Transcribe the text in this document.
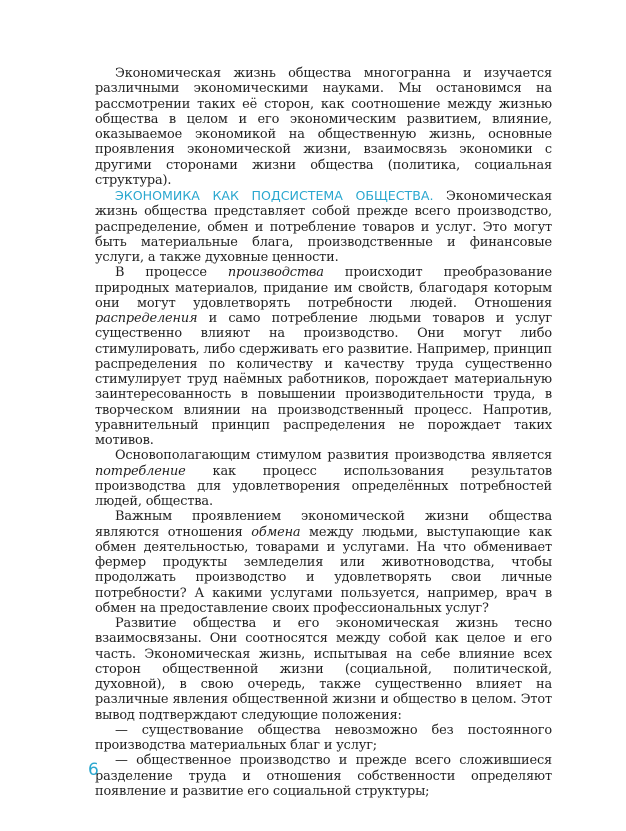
Экономическая жизнь общества многогранна и изучается различными экономическими науками. Мы остановимся на рассмотрении таких её сторон, как соотношение между жизнью общества в целом и его экономическим развитием, влияние, оказываемое экономикой на общественную жизнь, основные проявления экономической жизни, взаимосвязь экономики с другими сторонами жизни общества (политика, социальная структура).

ЭКОНОМИКА КАК ПОДСИСТЕМА ОБЩЕСТВА. Экономическая жизнь общества представляет собой прежде всего производство, распределение, обмен и потребление товаров и услуг. Это могут быть материальные блага, производственные и финансовые услуги, а также духовные ценности.

В процессе производства происходит преобразование природных материалов, придание им свойств, благодаря которым они могут удовлетворять потребности людей. Отношения распределения и само потребление людьми товаров и услуг существенно влияют на производство. Они могут либо стимулировать, либо сдерживать его развитие. Например, принцип распределения по количеству и качеству труда существенно стимулирует труд наёмных работников, порождает материальную заинтересованность в повышении производительности труда, в творческом влиянии на производственный процесс. Напротив, уравнительный принцип распределения не порождает таких мотивов.

Основополагающим стимулом развития производства является потребление как процесс использования результатов производства для удовлетворения определённых потребностей людей, общества.

Важным проявлением экономической жизни общества являются отношения обмена между людьми, выступающие как обмен деятельностью, товарами и услугами. На что обменивает фермер продукты земледелия или животноводства, чтобы продолжать производство и удовлетворять свои личные потребности? А какими услугами пользуется, например, врач в обмен на предоставление своих профессиональных услуг?

Развитие общества и его экономическая жизнь тесно взаимосвязаны. Они соотносятся между собой как целое и его часть. Экономическая жизнь, испытывая на себе влияние всех сторон общественной жизни (социальной, политической, духовной), в свою очередь, также существенно влияет на различные явления общественной жизни и общество в целом. Этот вывод подтверждают следующие положения:

— существование общества невозможно без постоянного производства материальных благ и услуг;

— общественное производство и прежде всего сложившиеся разделение труда и отношения собственности определяют появление и развитие его социальной структуры;

6
